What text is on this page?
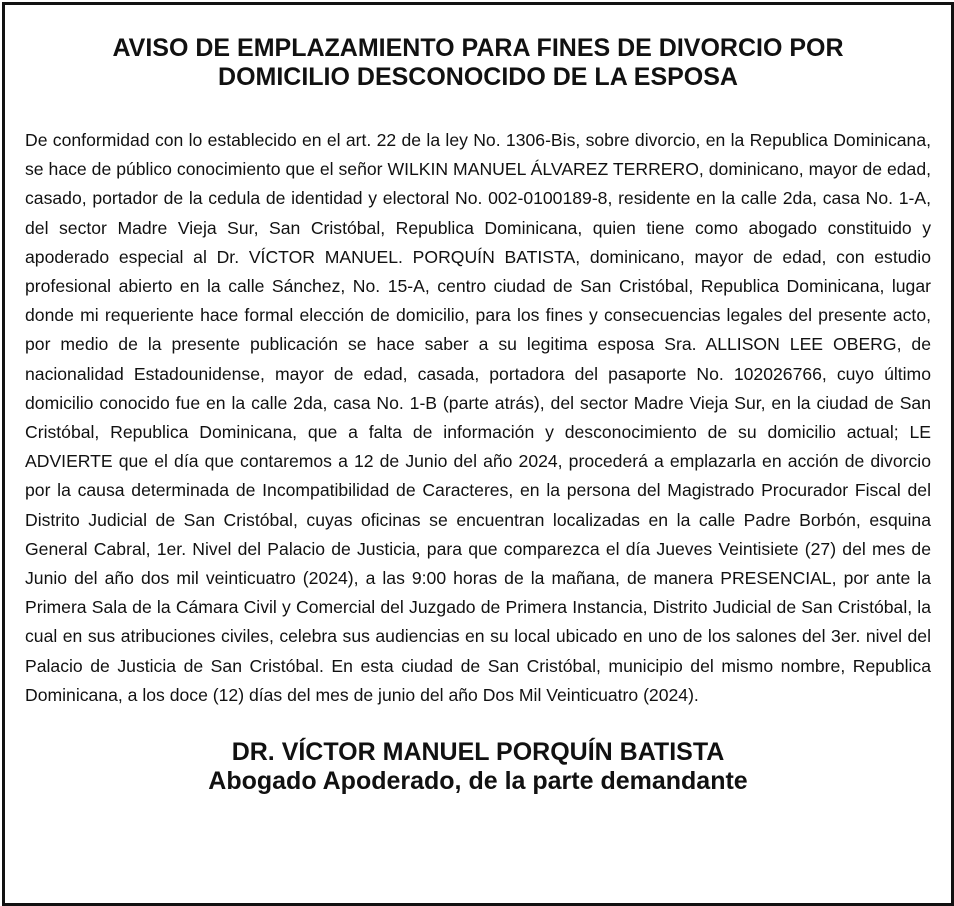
AVISO DE EMPLAZAMIENTO PARA FINES DE DIVORCIO POR
DOMICILIO DESCONOCIDO DE LA ESPOSA
De conformidad con lo establecido en el art. 22 de la ley No. 1306-Bis, sobre divorcio, en la Republica Dominicana, se hace de público conocimiento que el señor WILKIN MANUEL ÁLVAREZ TERRERO, dominicano, mayor de edad, casado, portador de la cedula de identidad y electoral No. 002-0100189-8, residente en la calle 2da, casa No. 1-A, del sector Madre Vieja Sur, San Cristóbal, Republica Dominicana, quien tiene como abogado constituido y apoderado especial al Dr. VÍCTOR MANUEL. PORQUÍN BATISTA, dominicano, mayor de edad, con estudio profesional abierto en la calle Sánchez, No. 15-A, centro ciudad de San Cristóbal, Republica Dominicana, lugar donde mi requeriente hace formal elección de domicilio, para los fines y consecuencias legales del presente acto, por medio de la presente publicación se hace saber a su legitima esposa Sra. ALLISON LEE OBERG, de nacionalidad Estadounidense, mayor de edad, casada, portadora del pasaporte No. 102026766, cuyo último domicilio conocido fue en la calle 2da, casa No. 1-B (parte atrás), del sector Madre Vieja Sur, en la ciudad de San Cristóbal, Republica Dominicana, que a falta de información y desconocimiento de su domicilio actual; LE ADVIERTE que el día que contaremos a 12 de Junio del año 2024, procederá a emplazarla en acción de divorcio por la causa determinada de Incompatibilidad de Caracteres, en la persona del Magistrado Procurador Fiscal del Distrito Judicial de San Cristóbal, cuyas oficinas se encuentran localizadas en la calle Padre Borbón, esquina General Cabral, 1er. Nivel del Palacio de Justicia, para que comparezca el día Jueves Veintisiete (27) del mes de Junio del año dos mil veinticuatro (2024), a las 9:00 horas de la mañana, de manera PRESENCIAL, por ante la Primera Sala de la Cámara Civil y Comercial del Juzgado de Primera Instancia, Distrito Judicial de San Cristóbal, la cual en sus atribuciones civiles, celebra sus audiencias en su local ubicado en uno de los salones del 3er. nivel del Palacio de Justicia de San Cristóbal. En esta ciudad de San Cristóbal, municipio del mismo nombre, Republica Dominicana, a los doce (12) días del mes de junio del año Dos Mil Veinticuatro (2024).
DR. VÍCTOR MANUEL PORQUÍN BATISTA
Abogado Apoderado, de la parte demandante
